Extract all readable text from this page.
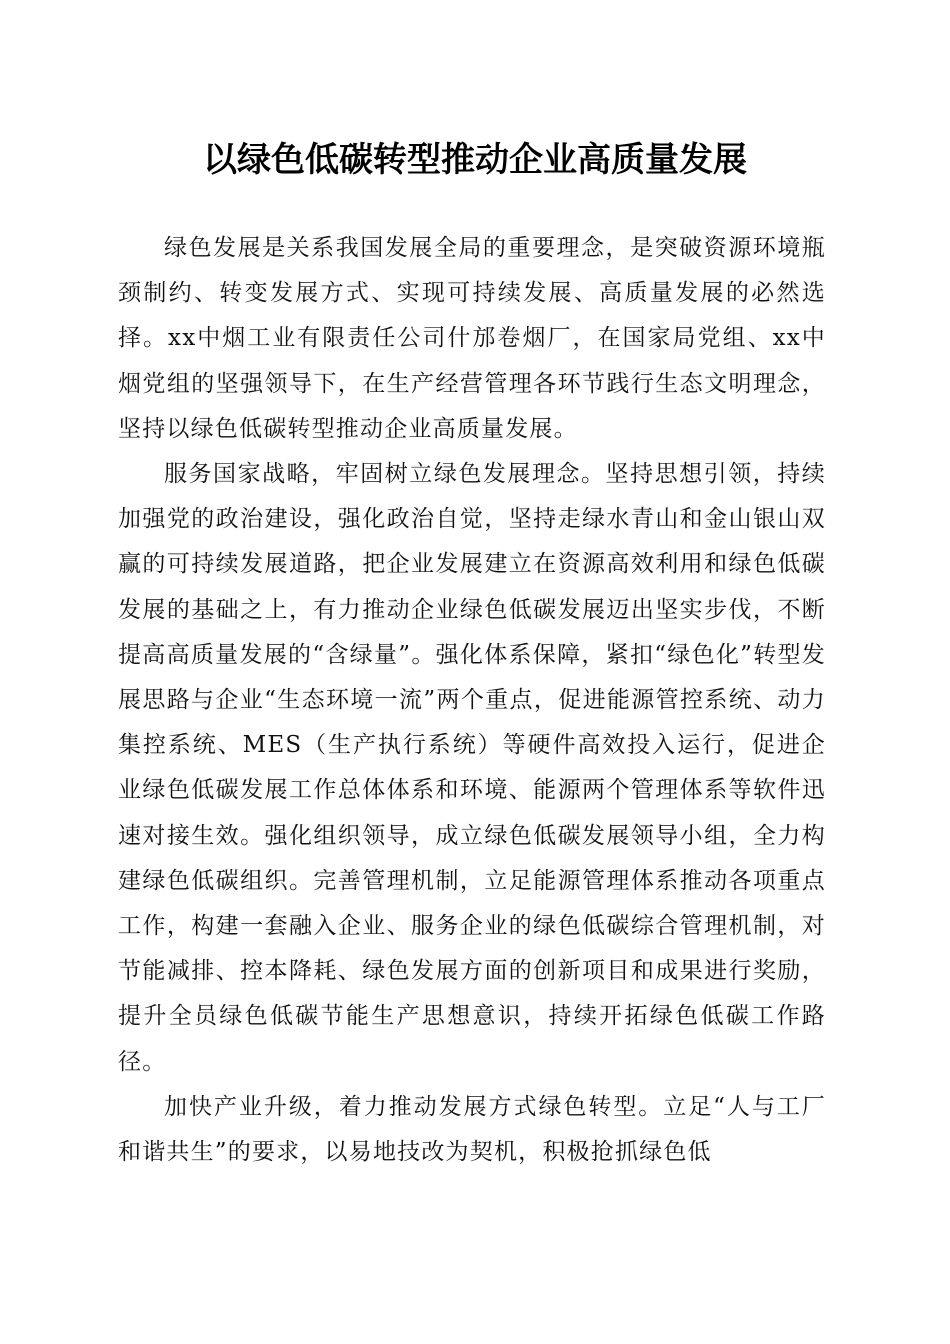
以绿色低碳转型推动企业高质量发展

绿色发展是关系我国发展全局的重要理念，是突破资源环境瓶颈制约、转变发展方式、实现可持续发展、高质量发展的必然选择。xx中烟工业有限责任公司什邡卷烟厂，在国家局党组、xx中烟党组的坚强领导下，在生产经营管理各环节践行生态文明理念，坚持以绿色低碳转型推动企业高质量发展。

服务国家战略，牢固树立绿色发展理念。坚持思想引领，持续加强党的政治建设，强化政治自觉，坚持走绿水青山和金山银山双赢的可持续发展道路，把企业发展建立在资源高效利用和绿色低碳发展的基础之上，有力推动企业绿色低碳发展迈出坚实步伐，不断提高高质量发展的“含绿量”。强化体系保障，紧扣“绿色化”转型发展思路与企业“生态环境一流”两个重点，促进能源管控系统、动力集控系统、MES（生产执行系统）等硬件高效投入运行，促进企业绿色低碳发展工作总体体系和环境、能源两个管理体系等软件迅速对接生效。强化组织领导，成立绿色低碳发展领导小组，全力构建绿色低碳组织。完善管理机制，立足能源管理体系推动各项重点工作，构建一套融入企业、服务企业的绿色低碳综合管理机制，对节能减排、控本降耗、绿色发展方面的创新项目和成果进行奖励，提升全员绿色低碳节能生产思想意识，持续开拓绿色低碳工作路径。

加快产业升级，着力推动发展方式绿色转型。立足“人与工厂和谐共生”的要求，以易地技改为契机，积极抢抓绿色低
